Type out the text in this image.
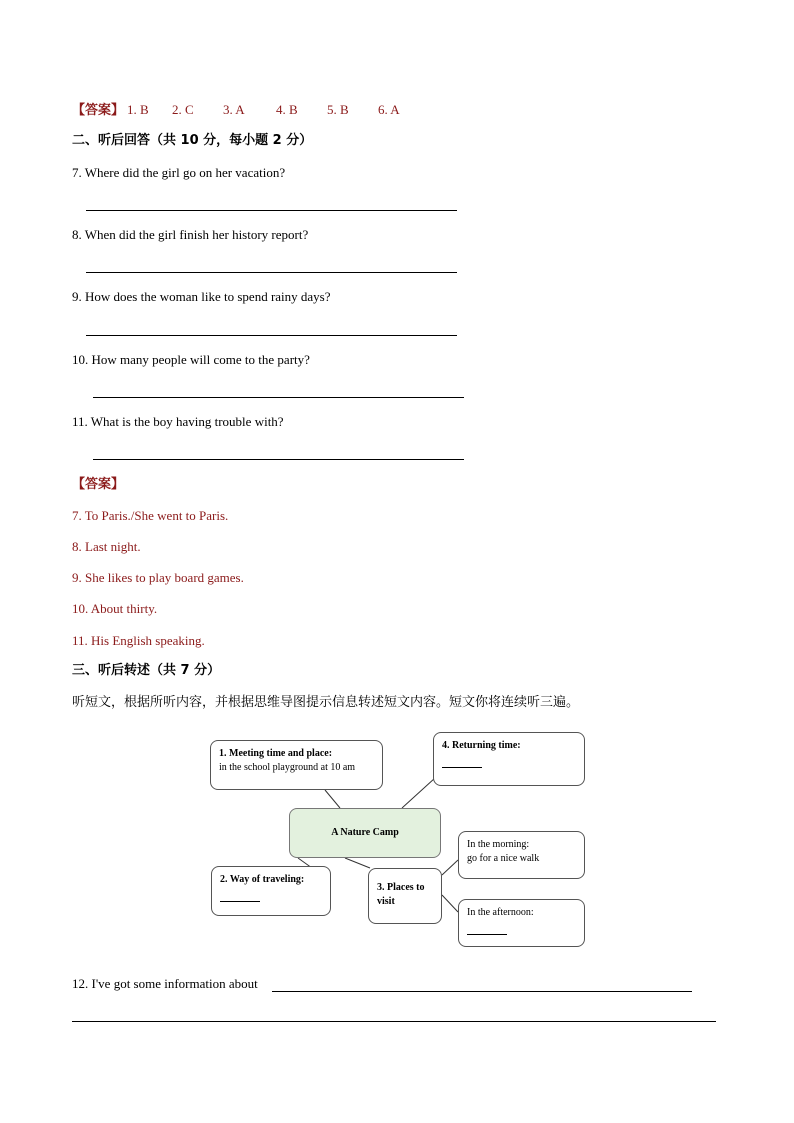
【答案】 1. B 2. C 3. A 4. B 5. B 6. A
二、听后回答（共 10 分，每小题 2 分）
7. Where did the girl go on her vacation?
8. When did the girl finish her history report?
9. How does the woman like to spend rainy days?
10. How many people will come to the party?
11. What is the boy having trouble with?
【答案】
7. To Paris./She went to Paris.
8. Last night.
9. She likes to play board games.
10. About thirty.
11. His English speaking.
三、听后转述（共 7 分）
听短文，根据所听内容，并根据思维导图提示信息转述短文内容。短文你将连续听三遍。
1. Meeting time and place:
in the school playground at 10 am
4. Returning time:
A Nature Camp
In the morning:
go for a nice walk
2. Way of traveling:
3. Places to visit
In the afternoon:
12. I've got some information about
